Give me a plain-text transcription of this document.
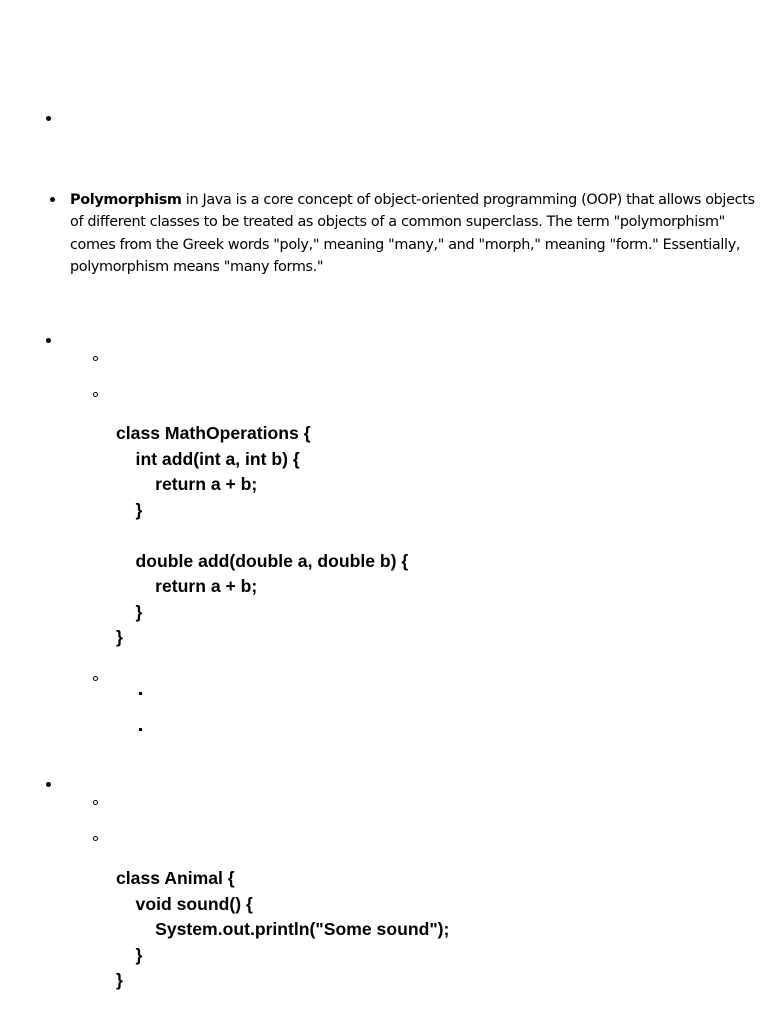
Polymorphism in Java is a core concept of object-oriented programming (OOP) that allows objects of different classes to be treated as objects of a common superclass. The term "polymorphism" comes from the Greek words "poly," meaning "many," and "morph," meaning "form." Essentially, polymorphism means "many forms."
class MathOperations {
int add(int a, int b) {
return a + b;
}

double add(double a, double b) {
return a + b;
}
}
class Animal {
void sound() {
System.out.println("Some sound");
}
}
